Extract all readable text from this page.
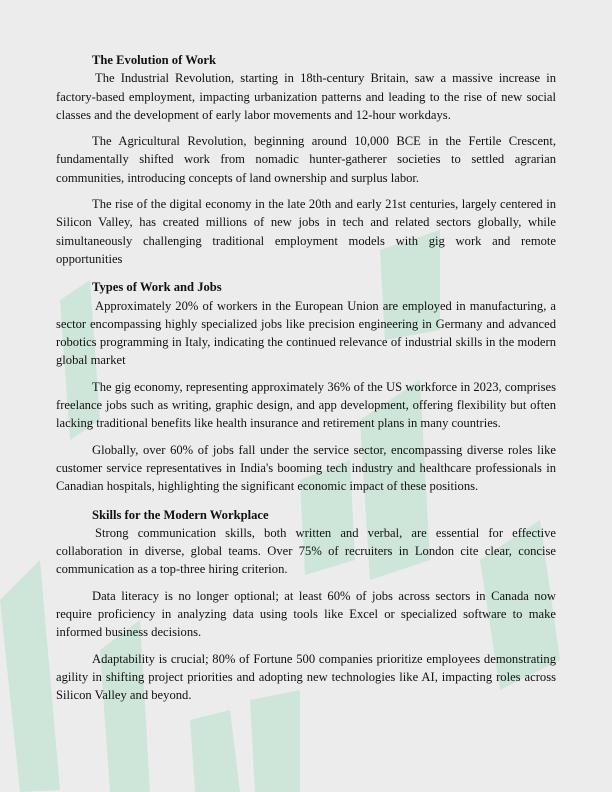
The Evolution of Work

The Industrial Revolution, starting in 18th-century Britain, saw a massive increase in factory-based employment, impacting urbanization patterns and leading to the rise of new social classes and the development of early labor movements and 12-hour workdays.

The Agricultural Revolution, beginning around 10,000 BCE in the Fertile Crescent, fundamentally shifted work from nomadic hunter-gatherer societies to settled agrarian communities, introducing concepts of land ownership and surplus labor.

The rise of the digital economy in the late 20th and early 21st centuries, largely centered in Silicon Valley, has created millions of new jobs in tech and related sectors globally, while simultaneously challenging traditional employment models with gig work and remote opportunities

Types of Work and Jobs

Approximately 20% of workers in the European Union are employed in manufacturing, a sector encompassing highly specialized jobs like precision engineering in Germany and advanced robotics programming in Italy, indicating the continued relevance of industrial skills in the modern global market

The gig economy, representing approximately 36% of the US workforce in 2023, comprises freelance jobs such as writing, graphic design, and app development, offering flexibility but often lacking traditional benefits like health insurance and retirement plans in many countries.

Globally, over 60% of jobs fall under the service sector, encompassing diverse roles like customer service representatives in India's booming tech industry and healthcare professionals in Canadian hospitals, highlighting the significant economic impact of these positions.

Skills for the Modern Workplace

Strong communication skills, both written and verbal, are essential for effective collaboration in diverse, global teams. Over 75% of recruiters in London cite clear, concise communication as a top-three hiring criterion.

Data literacy is no longer optional; at least 60% of jobs across sectors in Canada now require proficiency in analyzing data using tools like Excel or specialized software to make informed business decisions.

Adaptability is crucial; 80% of Fortune 500 companies prioritize employees demonstrating agility in shifting project priorities and adopting new technologies like AI, impacting roles across Silicon Valley and beyond.
